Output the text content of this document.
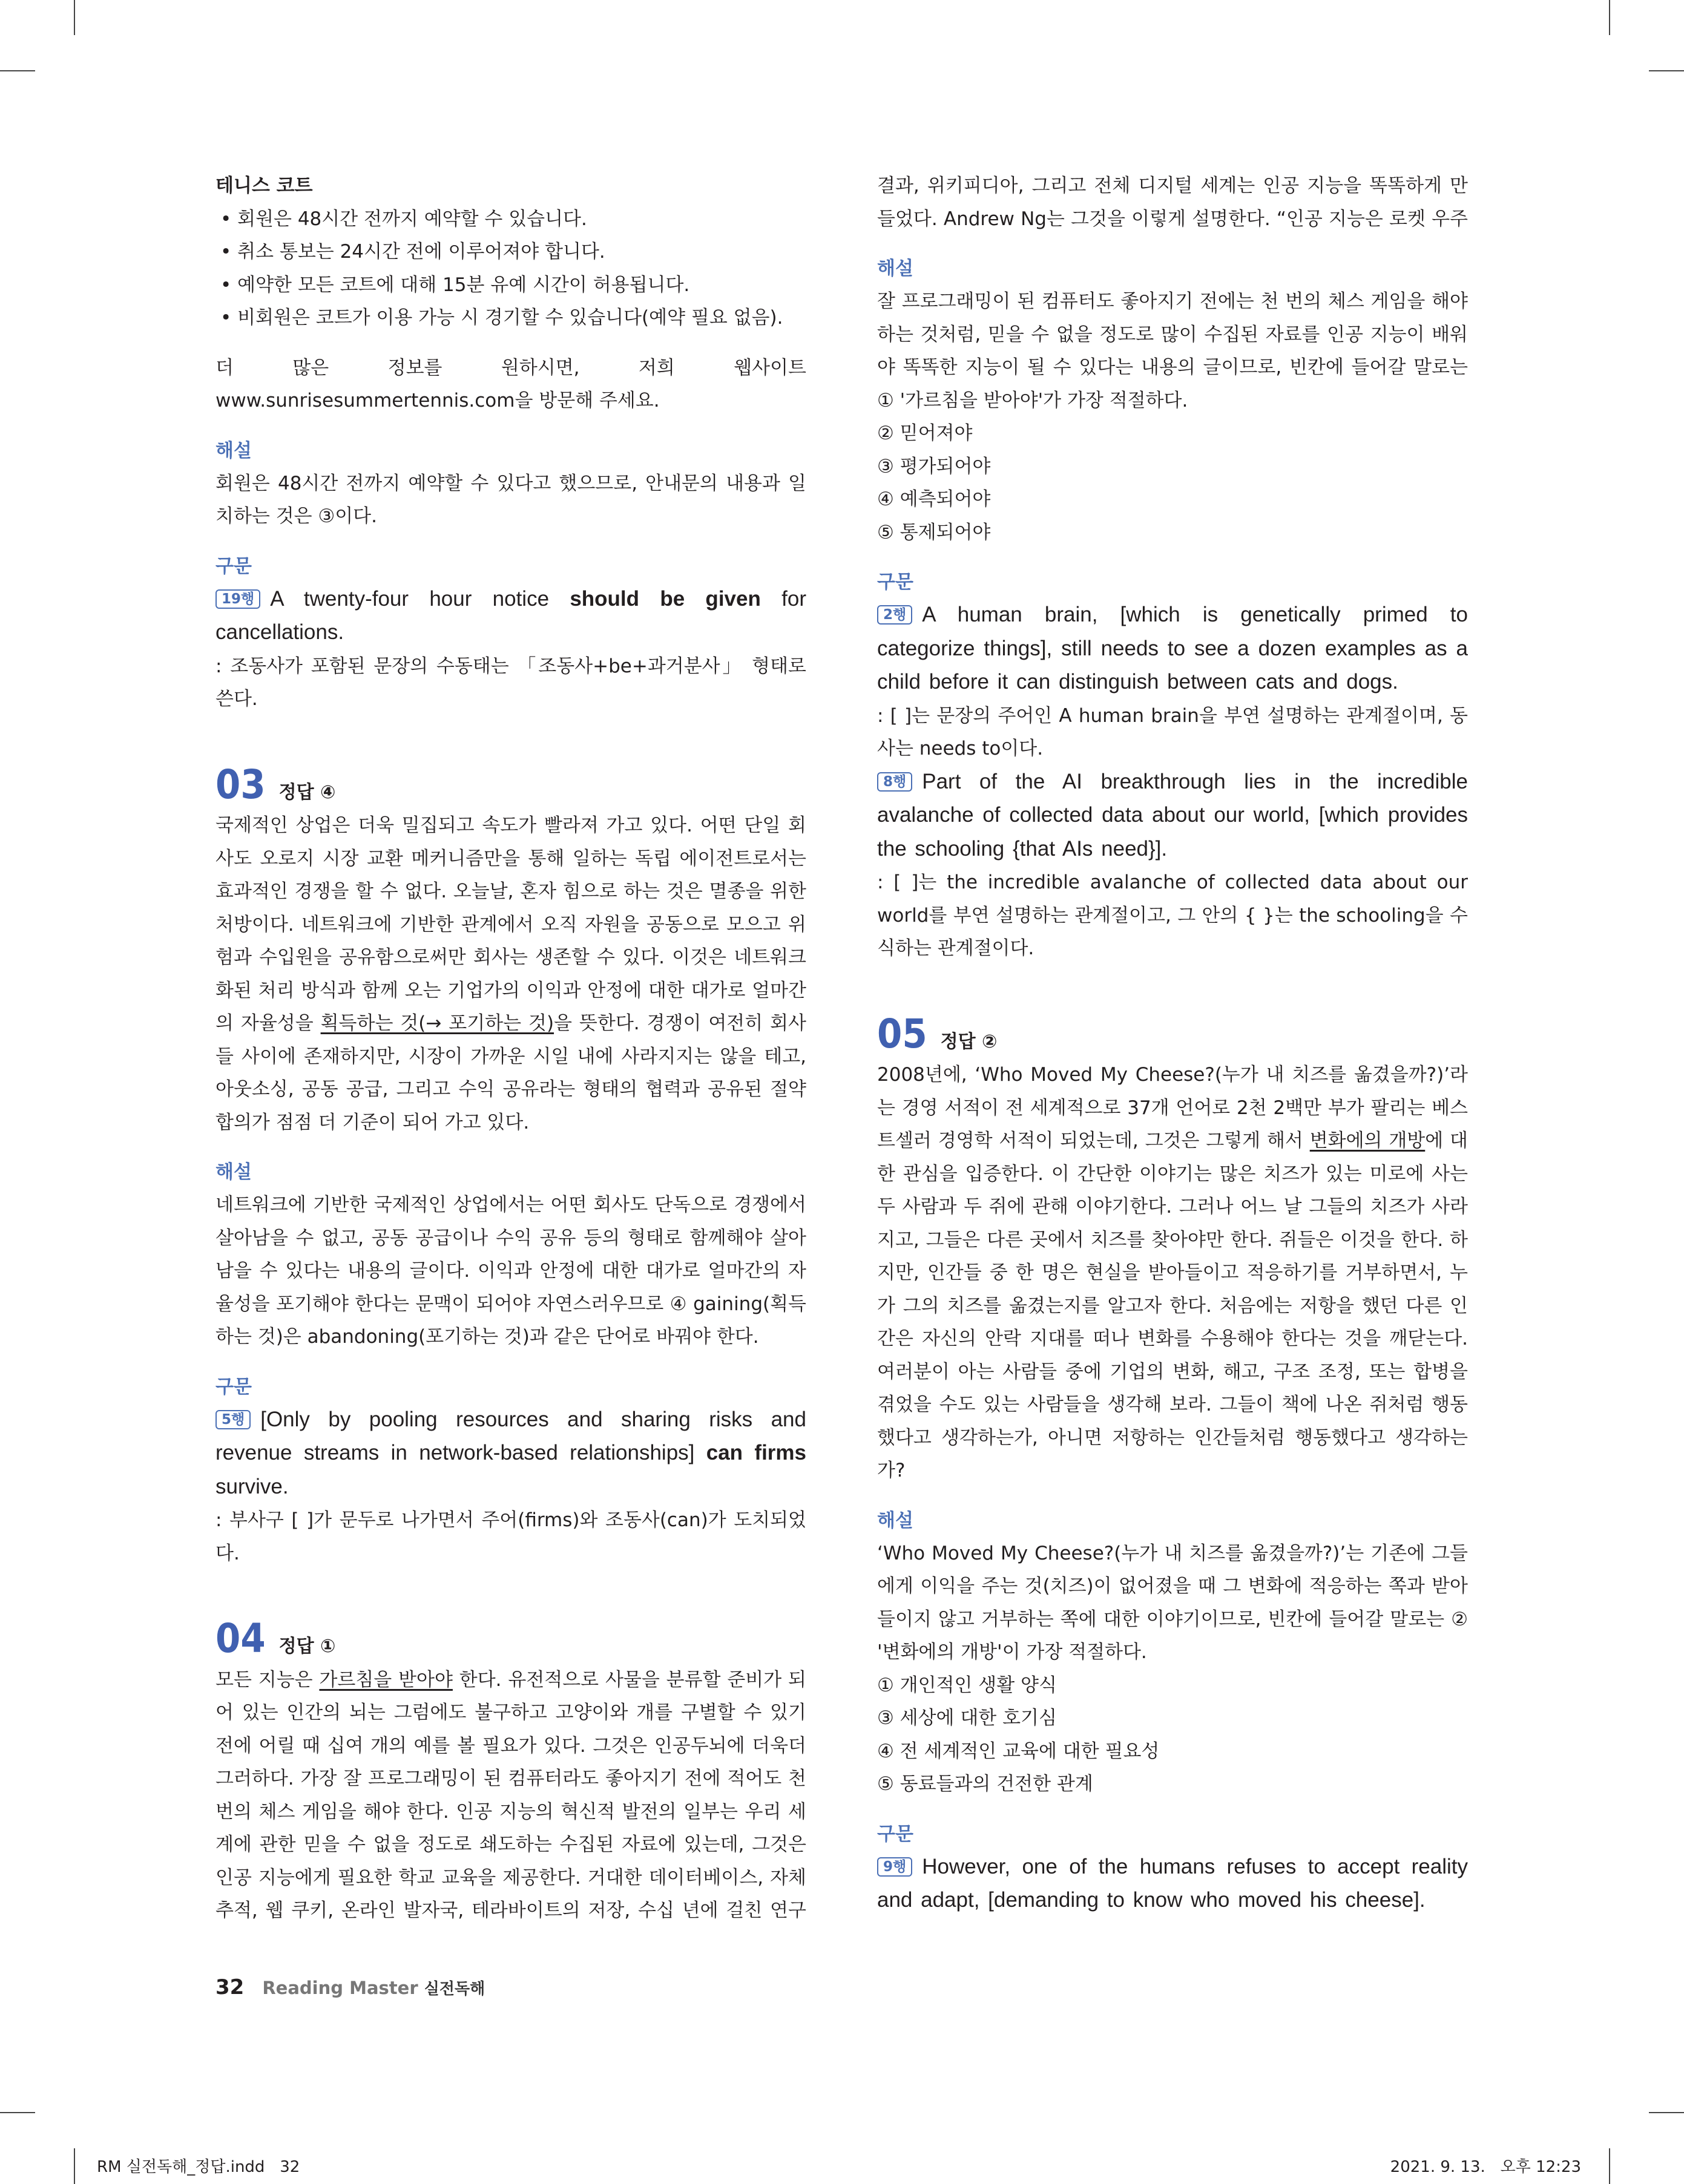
테니스 코트
• 회원은 48시간 전까지 예약할 수 있습니다.
• 취소 통보는 24시간 전에 이루어져야 합니다.
• 예약한 모든 코트에 대해 15분 유예 시간이 허용됩니다.
• 비회원은 코트가 이용 가능 시 경기할 수 있습니다(예약 필요 없음).

더 많은 정보를 원하시면, 저희 웹사이트 www.sunrisesummertennis.com을 방문해 주세요.

해설

회원은 48시간 전까지 예약할 수 있다고 했으므로, 안내문의 내용과 일치하는 것은 ③이다.

구문

19행 A twenty-four hour notice should be given for cancellations.

: 조동사가 포함된 문장의 수동태는 「조동사+be+과거분사」 형태로 쓴다.

03 정답 ④

국제적인 상업은 더욱 밀집되고 속도가 빨라져 가고 있다. 어떤 단일 회사도 오로지 시장 교환 메커니즘만을 통해 일하는 독립 에이전트로서는 효과적인 경쟁을 할 수 없다. 오늘날, 혼자 힘으로 하는 것은 멸종을 위한 처방이다. 네트워크에 기반한 관계에서 오직 자원을 공동으로 모으고 위험과 수입원을 공유함으로써만 회사는 생존할 수 있다. 이것은 네트워크화된 처리 방식과 함께 오는 기업가의 이익과 안정에 대한 대가로 얼마간의 자율성을 획득하는 것(→ 포기하는 것)을 뜻한다. 경쟁이 여전히 회사들 사이에 존재하지만, 시장이 가까운 시일 내에 사라지지는 않을 테고, 아웃소싱, 공동 공급, 그리고 수익 공유라는 형태의 협력과 공유된 절약 합의가 점점 더 기준이 되어 가고 있다.

해설

네트워크에 기반한 국제적인 상업에서는 어떤 회사도 단독으로 경쟁에서 살아남을 수 없고, 공동 공급이나 수익 공유 등의 형태로 함께해야 살아남을 수 있다는 내용의 글이다. 이익과 안정에 대한 대가로 얼마간의 자율성을 포기해야 한다는 문맥이 되어야 자연스러우므로 ④ gaining(획득하는 것)은 abandoning(포기하는 것)과 같은 단어로 바꿔야 한다.

구문

5행 [Only by pooling resources and sharing risks and revenue streams in network-based relationships] can firms survive.

: 부사구 [ ]가 문두로 나가면서 주어(firms)와 조동사(can)가 도치되었다.

04 정답 ①

모든 지능은 가르침을 받아야 한다. 유전적으로 사물을 분류할 준비가 되어 있는 인간의 뇌는 그럼에도 불구하고 고양이와 개를 구별할 수 있기 전에 어릴 때 십여 개의 예를 볼 필요가 있다. 그것은 인공두뇌에 더욱더 그러하다. 가장 잘 프로그래밍이 된 컴퓨터라도 좋아지기 전에 적어도 천 번의 체스 게임을 해야 한다. 인공 지능의 혁신적 발전의 일부는 우리 세계에 관한 믿을 수 없을 정도로 쇄도하는 수집된 자료에 있는데, 그것은 인공 지능에게 필요한 학교 교육을 제공한다. 거대한 데이터베이스, 자체 추적, 웹 쿠키, 온라인 발자국, 테라바이트의 저장, 수십 년에 걸친 연구

결과, 위키피디아, 그리고 전체 디지털 세계는 인공 지능을 똑똑하게 만들었다. Andrew Ng는 그것을 이렇게 설명한다. “인공 지능은 로켓 우주

해설

잘 프로그래밍이 된 컴퓨터도 좋아지기 전에는 천 번의 체스 게임을 해야 하는 것처럼, 믿을 수 없을 정도로 많이 수집된 자료를 인공 지능이 배워야 똑똑한 지능이 될 수 있다는 내용의 글이므로, 빈칸에 들어갈 말로는 ① '가르침을 받아야'가 가장 적절하다.

② 믿어져야
③ 평가되어야
④ 예측되어야
⑤ 통제되어야
구문

2행 A human brain, [which is genetically primed to categorize things], still needs to see a dozen examples as a child before it can distinguish between cats and dogs.

: [ ]는 문장의 주어인 A human brain을 부연 설명하는 관계절이며, 동사는 needs to이다.

8행 Part of the AI breakthrough lies in the incredible avalanche of collected data about our world, [which provides the schooling {that AIs need}].

: [ ]는 the incredible avalanche of collected data about our world를 부연 설명하는 관계절이고, 그 안의 { }는 the schooling을 수식하는 관계절이다.

05 정답 ②

2008년에, ‘Who Moved My Cheese?(누가 내 치즈를 옮겼을까?)’라는 경영 서적이 전 세계적으로 37개 언어로 2천 2백만 부가 팔리는 베스트셀러 경영학 서적이 되었는데, 그것은 그렇게 해서 변화에의 개방에 대한 관심을 입증한다. 이 간단한 이야기는 많은 치즈가 있는 미로에 사는 두 사람과 두 쥐에 관해 이야기한다. 그러나 어느 날 그들의 치즈가 사라지고, 그들은 다른 곳에서 치즈를 찾아야만 한다. 쥐들은 이것을 한다. 하지만, 인간들 중 한 명은 현실을 받아들이고 적응하기를 거부하면서, 누가 그의 치즈를 옮겼는지를 알고자 한다. 처음에는 저항을 했던 다른 인간은 자신의 안락 지대를 떠나 변화를 수용해야 한다는 것을 깨닫는다. 여러분이 아는 사람들 중에 기업의 변화, 해고, 구조 조정, 또는 합병을 겪었을 수도 있는 사람들을 생각해 보라. 그들이 책에 나온 쥐처럼 행동했다고 생각하는가, 아니면 저항하는 인간들처럼 행동했다고 생각하는가?

해설

‘Who Moved My Cheese?(누가 내 치즈를 옮겼을까?)’는 기존에 그들에게 이익을 주는 것(치즈)이 없어졌을 때 그 변화에 적응하는 쪽과 받아들이지 않고 거부하는 쪽에 대한 이야기이므로, 빈칸에 들어갈 말로는 ② '변화에의 개방'이 가장 적절하다.

① 개인적인 생활 양식
③ 세상에 대한 호기심
④ 전 세계적인 교육에 대한 필요성
⑤ 동료들과의 건전한 관계
구문

9행 However, one of the humans refuses to accept reality and adapt, [demanding to know who moved his cheese].

32 Reading Master 실전독해
RM 실전독해_정답.indd   32	2021. 9. 13.   오후 12:23
